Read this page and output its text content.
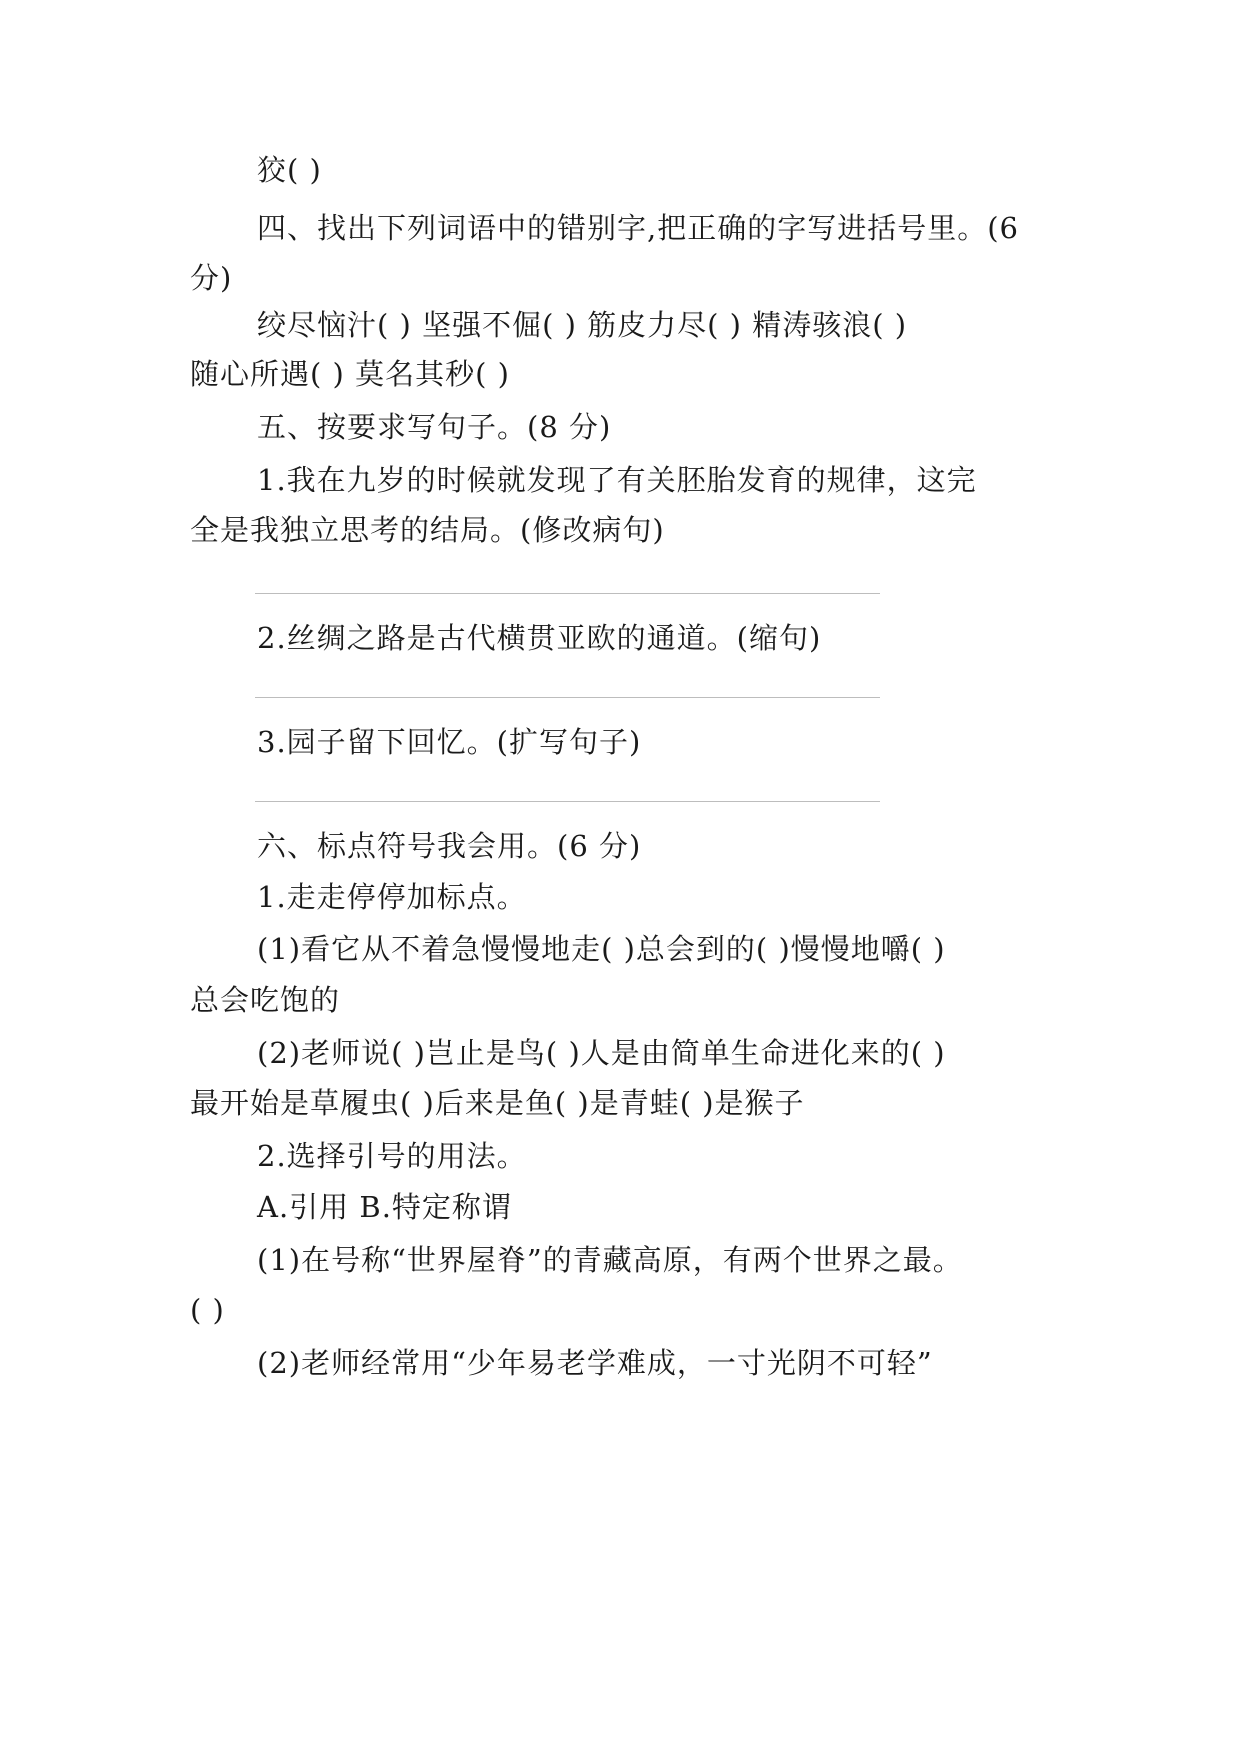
狡( )
四、找出下列词语中的错别字,把正确的字写进括号里。(6
分)
绞尽恼汁( ) 坚强不倔( ) 筋皮力尽( ) 精涛骇浪( )
随心所遇( ) 莫名其秒( )
五、按要求写句子。(8 分)
1.我在九岁的时候就发现了有关胚胎发育的规律，这完
全是我独立思考的结局。(修改病句)
2.丝绸之路是古代横贯亚欧的通道。(缩句)
3.园子留下回忆。(扩写句子)
六、标点符号我会用。(6 分)
1.走走停停加标点。
(1)看它从不着急慢慢地走( )总会到的( )慢慢地嚼( )
总会吃饱的
(2)老师说( )岂止是鸟( )人是由简单生命进化来的( )
最开始是草履虫( )后来是鱼( )是青蛙( )是猴子
2.选择引号的用法。
A.引用 B.特定称谓
(1)在号称“世界屋脊”的青藏高原，有两个世界之最。
( )
(2)老师经常用“少年易老学难成，一寸光阴不可轻”
